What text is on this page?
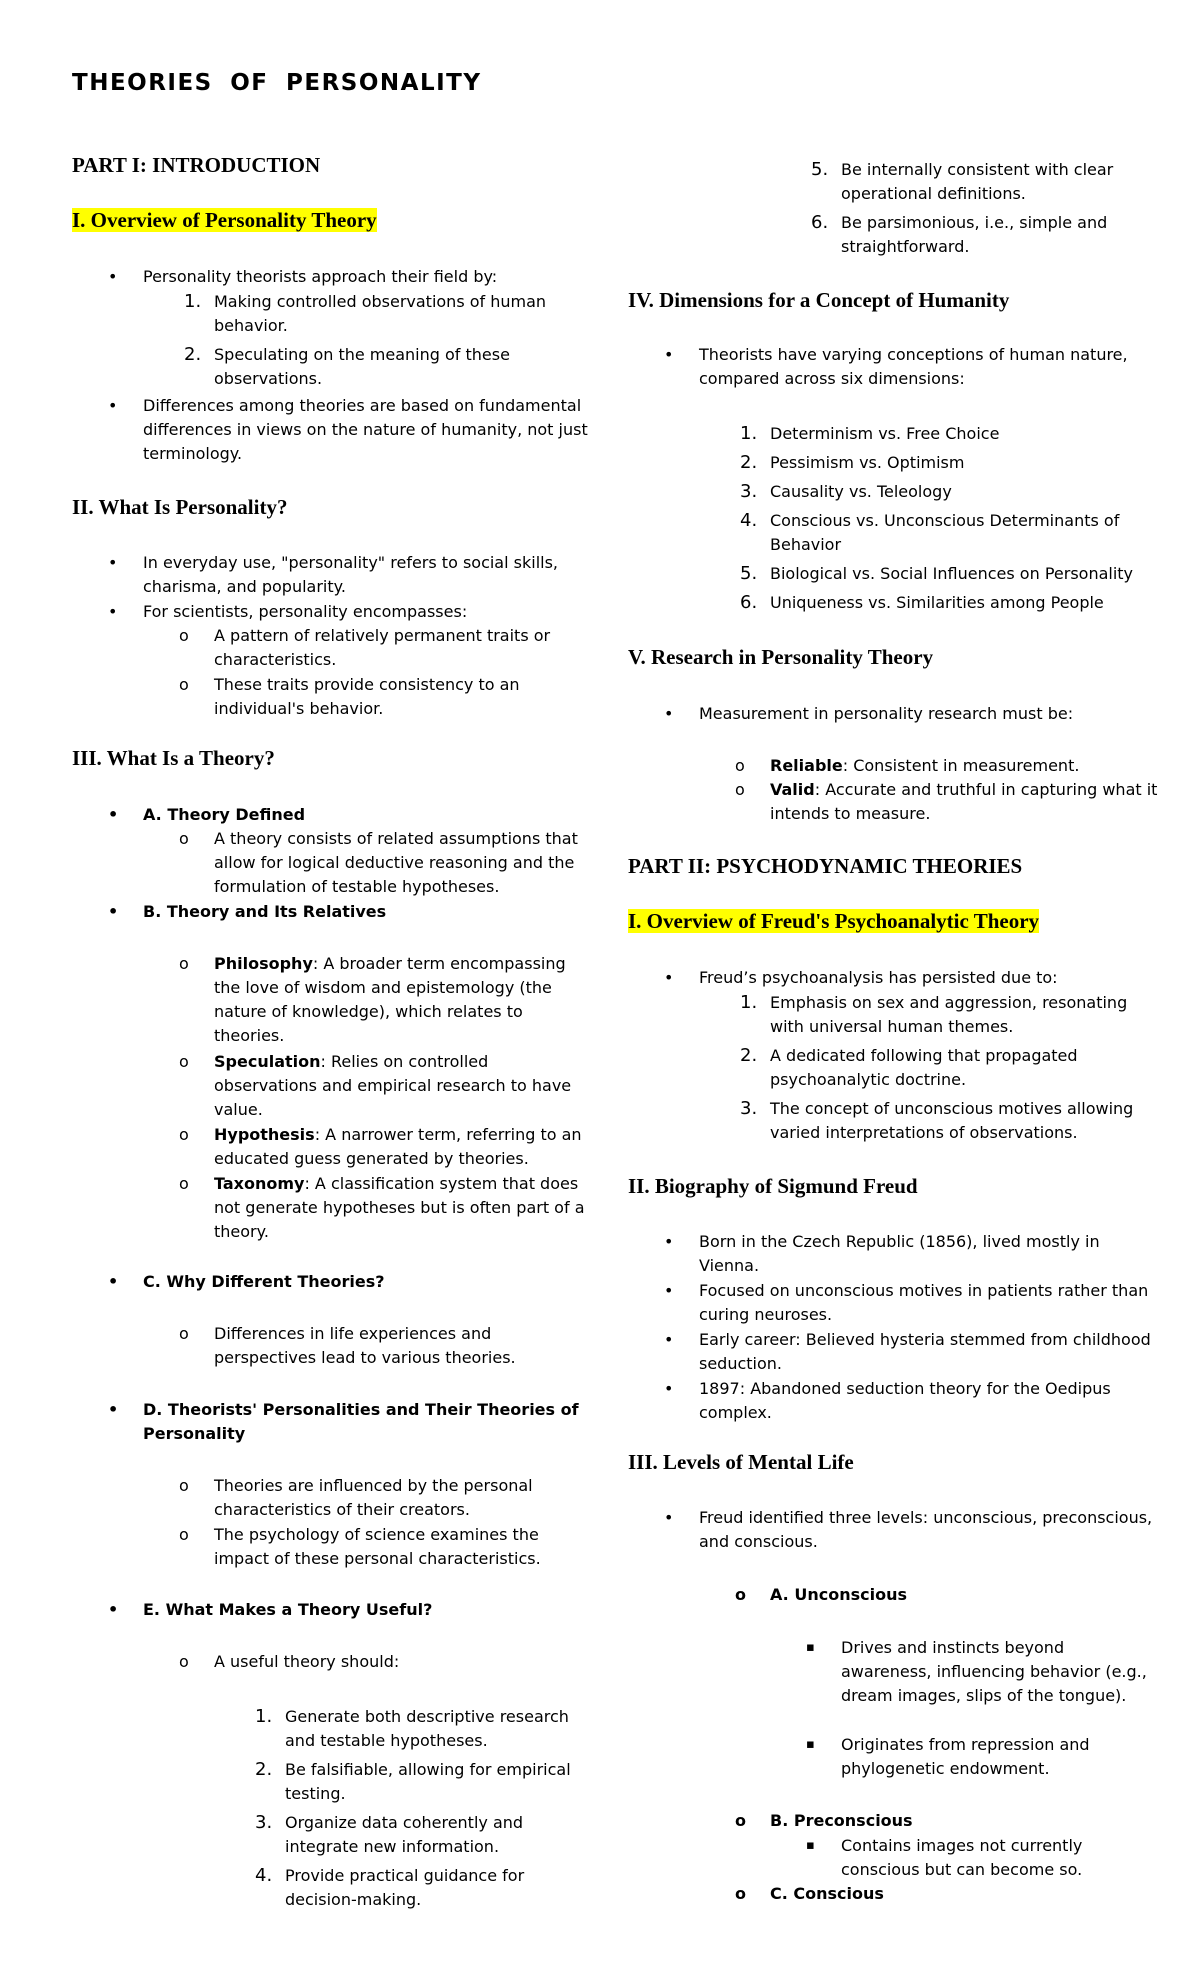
THEORIES OF PERSONALITY
PART I: INTRODUCTION
I. Overview of Personality Theory
• Personality theorists approach their field by:
1. Making controlled observations of human behavior.
2. Speculating on the meaning of these observations.
• Differences among theories are based on fundamental differences in views on the nature of humanity, not just terminology.
II. What Is Personality?
• In everyday use, "personality" refers to social skills, charisma, and popularity.
• For scientists, personality encompasses:
o A pattern of relatively permanent traits or characteristics.
o These traits provide consistency to an individual's behavior.
III. What Is a Theory?
• A. Theory Defined
o A theory consists of related assumptions that allow for logical deductive reasoning and the formulation of testable hypotheses.
• B. Theory and Its Relatives
o Philosophy: A broader term encompassing the love of wisdom and epistemology (the nature of knowledge), which relates to theories.
o Speculation: Relies on controlled observations and empirical research to have value.
o Hypothesis: A narrower term, referring to an educated guess generated by theories.
o Taxonomy: A classification system that does not generate hypotheses but is often part of a theory.
• C. Why Different Theories?
o Differences in life experiences and perspectives lead to various theories.
• D. Theorists' Personalities and Their Theories of Personality
o Theories are influenced by the personal characteristics of their creators.
o The psychology of science examines the impact of these personal characteristics.
• E. What Makes a Theory Useful?
o A useful theory should:
1. Generate both descriptive research and testable hypotheses.
2. Be falsifiable, allowing for empirical testing.
3. Organize data coherently and integrate new information.
4. Provide practical guidance for decision-making.
5. Be internally consistent with clear operational definitions.
6. Be parsimonious, i.e., simple and straightforward.
IV. Dimensions for a Concept of Humanity
• Theorists have varying conceptions of human nature, compared across six dimensions:
1. Determinism vs. Free Choice
2. Pessimism vs. Optimism
3. Causality vs. Teleology
4. Conscious vs. Unconscious Determinants of Behavior
5. Biological vs. Social Influences on Personality
6. Uniqueness vs. Similarities among People
V. Research in Personality Theory
• Measurement in personality research must be:
o Reliable: Consistent in measurement.
o Valid: Accurate and truthful in capturing what it intends to measure.
PART II: PSYCHODYNAMIC THEORIES
I. Overview of Freud's Psychoanalytic Theory
• Freud’s psychoanalysis has persisted due to:
1. Emphasis on sex and aggression, resonating with universal human themes.
2. A dedicated following that propagated psychoanalytic doctrine.
3. The concept of unconscious motives allowing varied interpretations of observations.
II. Biography of Sigmund Freud
• Born in the Czech Republic (1856), lived mostly in Vienna.
• Focused on unconscious motives in patients rather than curing neuroses.
• Early career: Believed hysteria stemmed from childhood seduction.
• 1897: Abandoned seduction theory for the Oedipus complex.
III. Levels of Mental Life
• Freud identified three levels: unconscious, preconscious, and conscious.
o A. Unconscious
▪ Drives and instincts beyond awareness, influencing behavior (e.g., dream images, slips of the tongue).
▪ Originates from repression and phylogenetic endowment.
o B. Preconscious
▪ Contains images not currently conscious but can become so.
o C. Conscious
